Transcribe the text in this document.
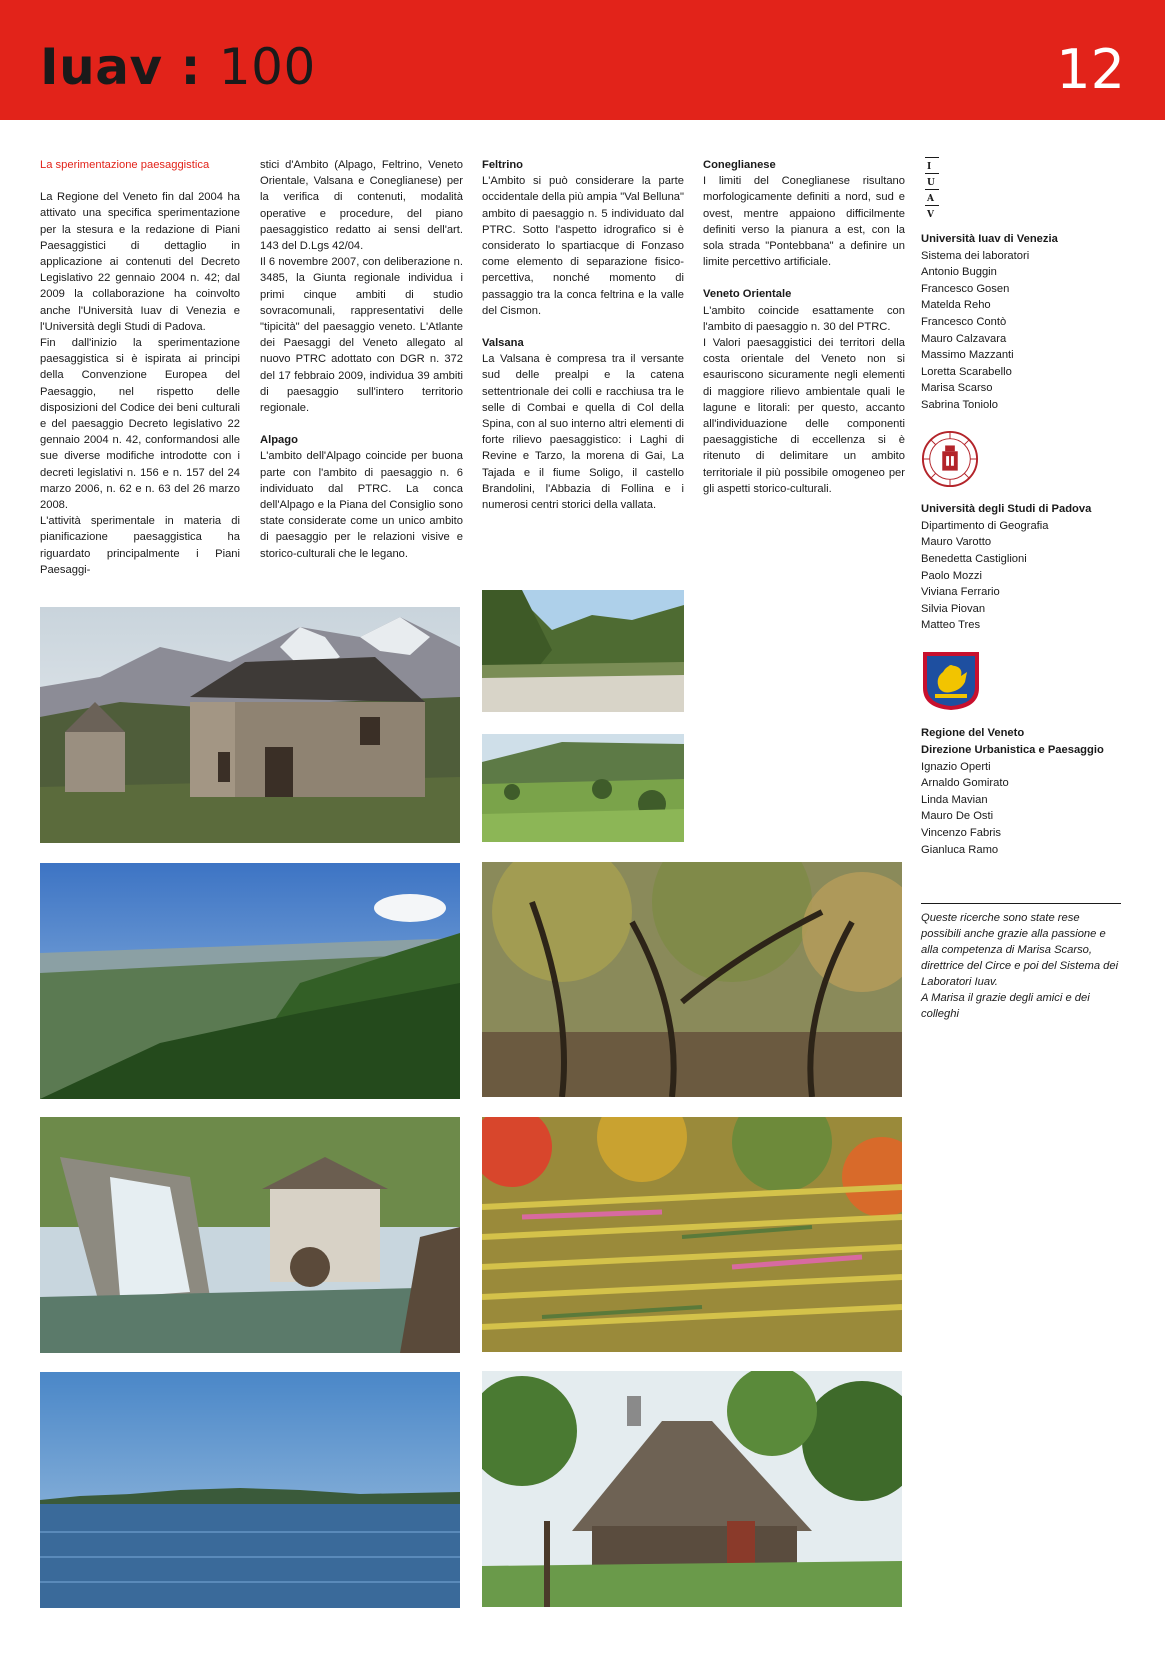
Iuav : 100	12
La sperimentazione paesaggistica

La Regione del Veneto fin dal 2004 ha attivato una specifica sperimentazione per la stesura e la redazione di Piani Paesaggistici di dettaglio in applicazione ai contenuti del Decreto Legislativo 22 gennaio 2004 n. 42; dal 2009 la collaborazione ha coinvolto anche l'Università Iuav di Venezia e l'Università degli Studi di Padova.

Fin dall'inizio la sperimentazione paesaggistica si è ispirata ai principi della Convenzione Europea del Paesaggio, nel rispetto delle disposizioni del Codice dei beni culturali e del paesaggio Decreto legislativo 22 gennaio 2004 n. 42, conformandosi alle sue diverse modifiche introdotte con i decreti legislativi n. 156 e n. 157 del 24 marzo 2006, n. 62 e n. 63 del 26 marzo 2008.

L'attività sperimentale in materia di pianificazione paesaggistica ha riguardato principalmente i Piani Paesaggi-

stici d'Ambito (Alpago, Feltrino, Veneto Orientale, Valsana e Coneglianese) per la verifica di contenuti, modalità operative e procedure, del piano paesaggistico redatto ai sensi dell'art. 143 del D.Lgs 42/04.

Il 6 novembre 2007, con deliberazione n. 3485, la Giunta regionale individua i primi cinque ambiti di studio sovracomunali, rappresentativi delle "tipicità" del paesaggio veneto. L'Atlante dei Paesaggi del Veneto allegato al nuovo PTRC adottato con DGR n. 372 del 17 febbraio 2009, individua 39 ambiti di paesaggio sull'intero territorio regionale.

Alpago

L'ambito dell'Alpago coincide per buona parte con l'ambito di paesaggio n. 6 individuato dal PTRC. La conca dell'Alpago e la Piana del Consiglio sono state considerate come un unico ambito di paesaggio per le relazioni visive e storico-culturali che le legano.

Feltrino

L'Ambito si può considerare la parte occidentale della più ampia "Val Belluna" ambito di paesaggio n. 5 individuato dal PTRC. Sotto l'aspetto idrografico si è considerato lo spartiacque di Fonzaso come elemento di separazione fisico-percettiva, nonché momento di passaggio tra la conca feltrina e la valle del Cismon.

Valsana

La Valsana è compresa tra il versante sud delle prealpi e la catena settentrionale dei colli e racchiusa tra le selle di Combai e quella di Col della Spina, con al suo interno altri elementi di forte rilievo paesaggistico: i Laghi di Revine e Tarzo, la morena di Gai, La Tajada e il fiume Soligo, il castello Brandolini, l'Abbazia di Follina e i numerosi centri storici della vallata.

Coneglianese

I limiti del Coneglianese risultano morfologicamente definiti a nord, sud e ovest, mentre appaiono difficilmente definiti verso la pianura a est, con la sola strada "Pontebbana" a definire un limite percettivo artificiale.

Veneto Orientale

L'ambito coincide esattamente con l'ambito di paesaggio n. 30 del PTRC.

I Valori paesaggistici dei territori della costa orientale del Veneto non si esauriscono sicuramente negli elementi di maggiore rilievo ambientale quali le lagune e litorali: per questo, accanto all'individuazione delle componenti paesaggistiche di eccellenza si è ritenuto di delimitare un ambito territoriale il più possibile omogeneo per gli aspetti storico-culturali.

I
U
A
V
Università Iuav di Venezia
Sistema dei laboratori
Antonio Buggin
Francesco Gosen
Matelda Reho
Francesco Contò
Mauro Calzavara
Massimo Mazzanti
Loretta Scarabello
Marisa Scarso
Sabrina Toniolo
Università degli Studi di Padova
Dipartimento di Geografia
Mauro Varotto
Benedetta Castiglioni
Paolo Mozzi
Viviana Ferrario
Silvia Piovan
Matteo Tres
Regione del Veneto
Direzione Urbanistica e Paesaggio
Ignazio Operti
Arnaldo Gomirato
Linda Mavian
Mauro De Osti
Vincenzo Fabris
Gianluca Ramo
Queste ricerche sono state rese possibili anche grazie alla passione e alla competenza di Marisa Scarso, direttrice del Circe e poi del Sistema dei Laboratori Iuav.
A Marisa il grazie degli amici e dei colleghi
